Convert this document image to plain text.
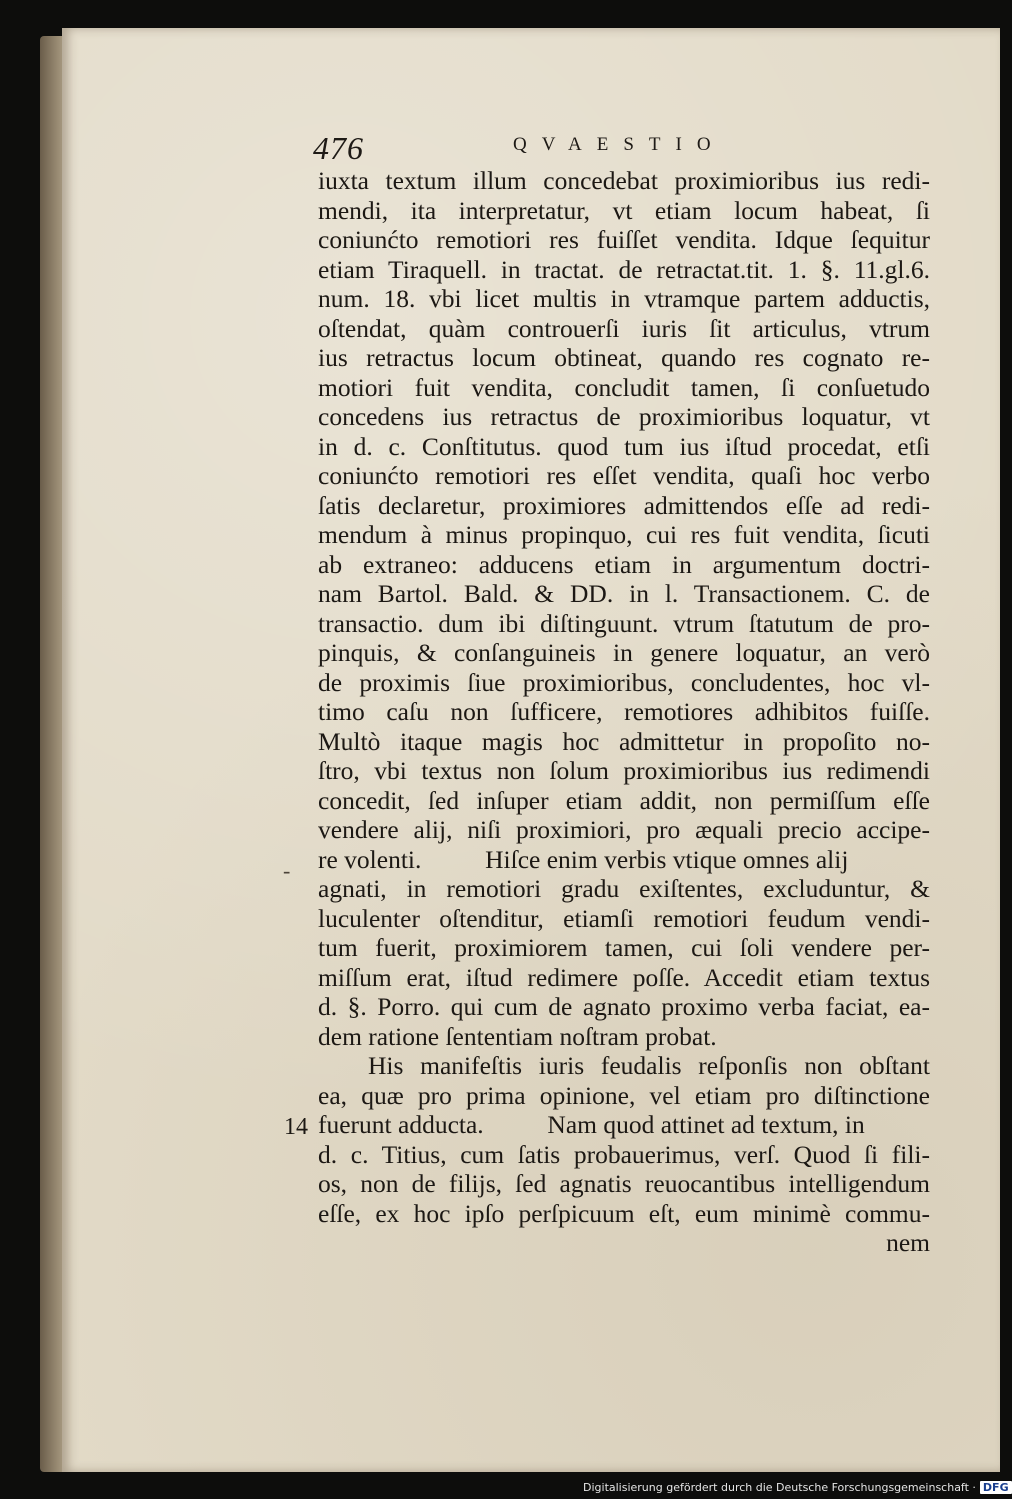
476	QVAESTIO
-
14
iuxta textum illum concedebat proximioribus ius redi-
mendi, ita interpretatur, vt etiam locum habeat, ſi
coniunćto remotiori res fuiſſet vendita. Idque ſequitur
etiam Tiraquell. in tractat. de retractat.tit. 1. §. 11.gl.6.
num. 18. vbi licet multis in vtramque partem adductis,
oſtendat, quàm controuerſi iuris ſit articulus, vtrum
ius retractus locum obtineat, quando res cognato re-
motiori fuit vendita, concludit tamen, ſi conſuetudo
concedens ius retractus de proximioribus loquatur, vt
in d. c. Conſtitutus. quod tum ius iſtud procedat, etſi
coniunćto remotiori res eſſet vendita, quaſi hoc verbo
ſatis declaretur, proximiores admittendos eſſe ad redi-
mendum à minus propinquo, cui res fuit vendita, ſicuti
ab extraneo: adducens etiam in argumentum doctri-
nam Bartol. Bald. & DD. in l. Transactionem. C. de
transactio. dum ibi diſtinguunt. vtrum ſtatutum de pro-
pinquis, & conſanguineis in genere loquatur, an verò
de proximis ſiue proximioribus, concludentes, hoc vl-
timo caſu non ſufficere, remotiores adhibitos fuiſſe.
Multò itaque magis hoc admittetur in propoſito no-
ſtro, vbi textus non ſolum proximioribus ius redimendi
concedit, ſed inſuper etiam addit, non permiſſum eſſe
vendere alij, niſi proximiori, pro æquali precio accipe-
re volenti.          Hiſce enim verbis vtique omnes alij
agnati, in remotiori gradu exiſtentes, excluduntur, &
luculenter oſtenditur, etiamſi remotiori feudum vendi-
tum fuerit, proximiorem tamen, cui ſoli vendere per-
miſſum erat, iſtud redimere poſſe. Accedit etiam textus
d. §. Porro. qui cum de agnato proximo verba faciat, ea-
dem ratione ſententiam noſtram probat.
His manifeſtis iuris feudalis reſponſis non obſtant
ea, quæ pro prima opinione, vel etiam pro diſtinctione
fuerunt adducta.          Nam quod attinet ad textum, in
d. c. Titius, cum ſatis probauerimus, verſ. Quod ſi fili-
os, non de filijs, ſed agnatis reuocantibus intelligendum
eſſe, ex hoc ipſo perſpicuum eſt, eum minimè commu-
nem
Digitalisierung gefördert durch die Deutsche Forschungsgemeinschaft · DFG
